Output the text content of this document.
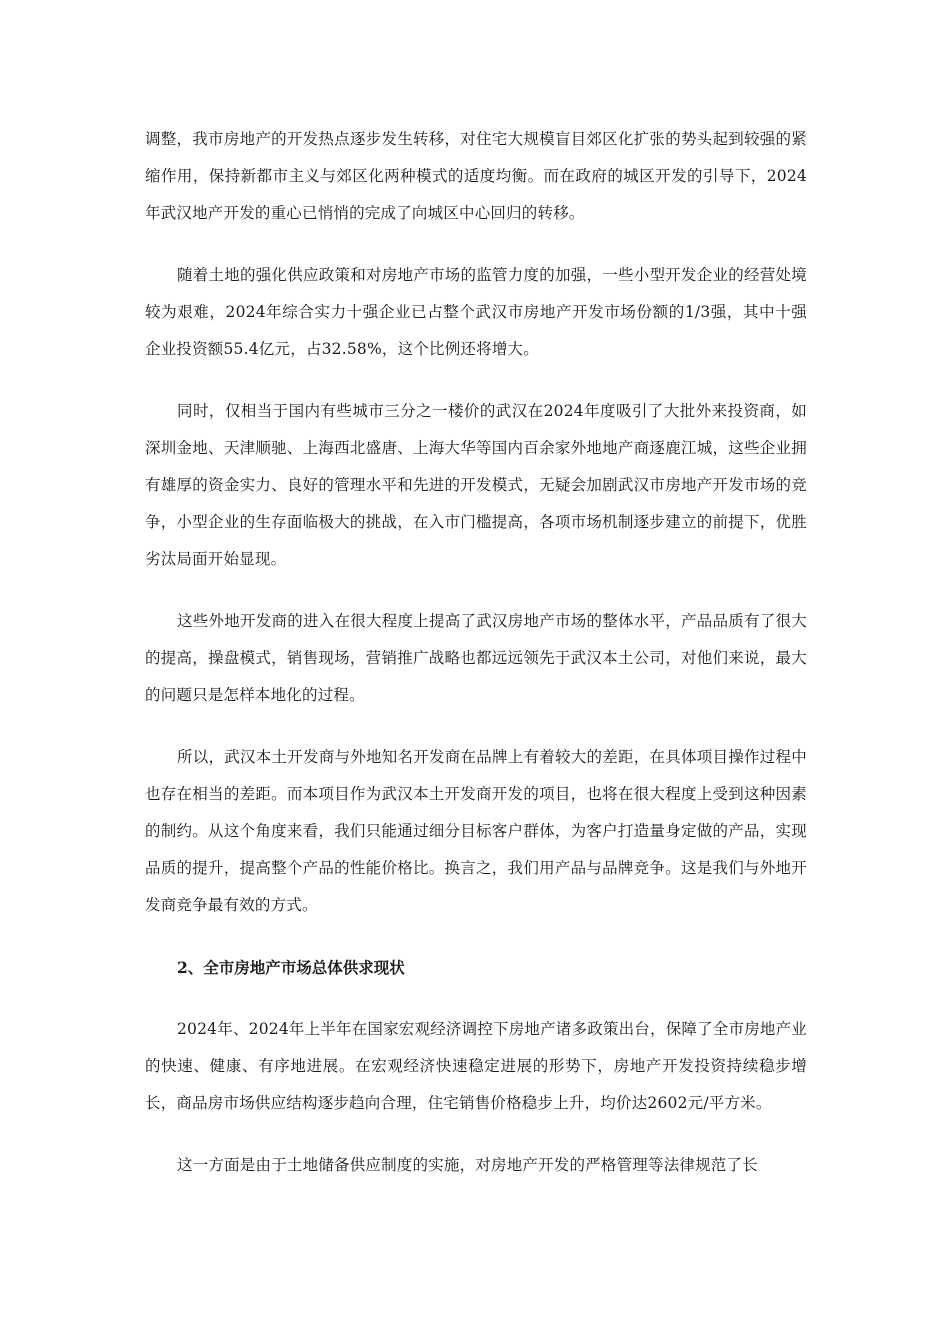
调整，我市房地产的开发热点逐步发生转移，对住宅大规模盲目郊区化扩张的势头起到较强的紧缩作用，保持新都市主义与郊区化两种模式的适度均衡。而在政府的城区开发的引导下，2024年武汉地产开发的重心已悄悄的完成了向城区中心回归的转移。

随着土地的强化供应政策和对房地产市场的监管力度的加强，一些小型开发企业的经营处境较为艰难，2024年综合实力十强企业已占整个武汉市房地产开发市场份额的1/3强，其中十强企业投资额55.4亿元，占32.58%，这个比例还将增大。

同时，仅相当于国内有些城市三分之一楼价的武汉在2024年度吸引了大批外来投资商，如深圳金地、天津顺驰、上海西北盛唐、上海大华等国内百余家外地地产商逐鹿江城，这些企业拥有雄厚的资金实力、良好的管理水平和先进的开发模式，无疑会加剧武汉市房地产开发市场的竞争，小型企业的生存面临极大的挑战，在入市门槛提高，各项市场机制逐步建立的前提下，优胜劣汰局面开始显现。

这些外地开发商的进入在很大程度上提高了武汉房地产市场的整体水平，产品品质有了很大的提高，操盘模式，销售现场，营销推广战略也都远远领先于武汉本土公司，对他们来说，最大的问题只是怎样本地化的过程。

所以，武汉本土开发商与外地知名开发商在品牌上有着较大的差距，在具体项目操作过程中也存在相当的差距。而本项目作为武汉本土开发商开发的项目，也将在很大程度上受到这种因素的制约。从这个角度来看，我们只能通过细分目标客户群体，为客户打造量身定做的产品，实现品质的提升，提高整个产品的性能价格比。换言之，我们用产品与品牌竞争。这是我们与外地开发商竞争最有效的方式。

2、全市房地产市场总体供求现状

2024年、2024年上半年在国家宏观经济调控下房地产诸多政策出台，保障了全市房地产业的快速、健康、有序地进展。在宏观经济快速稳定进展的形势下，房地产开发投资持续稳步增长，商品房市场供应结构逐步趋向合理，住宅销售价格稳步上升，均价达2602元/平方米。

这一方面是由于土地储备供应制度的实施，对房地产开发的严格管理等法律规范了长
